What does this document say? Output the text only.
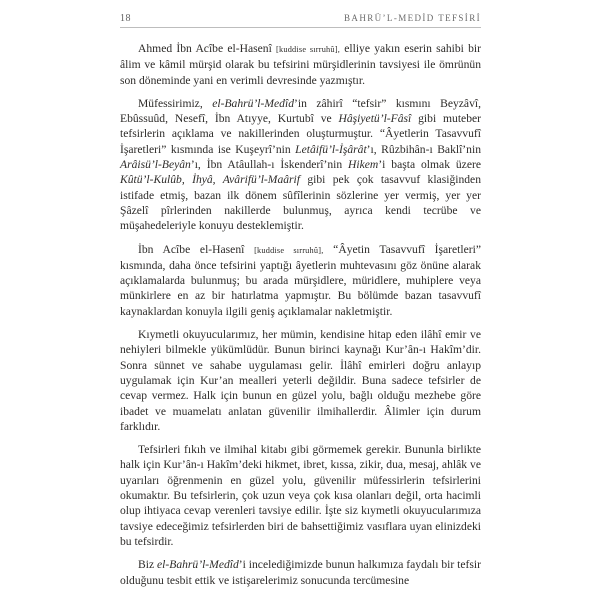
18	BAHRÜ’L-MEDİD TEFSİRİ

Ahmed İbn Acîbe el-Hasenî [kuddise sırruhû], elliye yakın eserin sahibi bir âlim ve kâmil mürşid olarak bu tefsirini mürşidlerinin tavsiyesi ile ömrünün son döneminde yani en verimli devresinde yazmıştır.

Müfessirimiz, el-Bahrü’l-Medîd’in zâhirî “tefsir” kısmını Beyzâvî, Ebûssuûd, Nesefî, İbn Atıyye, Kurtubî ve Hâşiyetü’l-Fâsî gibi muteber tefsirlerin açıklama ve nakillerinden oluşturmuştur. “Âyetlerin Tasavvufî İşaretleri” kısmında ise Kuşeyrî’nin Letâifü’l-İşârât’ı, Rûzbihân-ı Baklî’nin Arâisü’l-Beyân’ı, İbn Atâullah-ı İskenderî’nin Hikem’i başta olmak üzere Kûtü’l-Kulûb, İhyâ, Avârifü’l-Maârif gibi pek çok tasavvuf klasiğinden istifade etmiş, bazan ilk dönem sûfîlerinin sözlerine yer vermiş, yer yer Şâzelî pîrlerinden nakillerde bulunmuş, ayrıca kendi tecrübe ve müşahedeleriyle konuyu desteklemiştir.

İbn Acîbe el-Hasenî [kuddise sırruhû], “Âyetin Tasavvufî İşaretleri” kısmında, daha önce tefsirini yaptığı âyetlerin muhtevasını göz önüne alarak açıklamalarda bulunmuş; bu arada mürşidlere, müridlere, muhiplere veya münkirlere en az bir hatırlatma yapmıştır. Bu bölümde bazan tasavvufî kaynaklardan konuyla ilgili geniş açıklamalar nakletmiştir.

Kıymetli okuyucularımız, her mümin, kendisine hitap eden ilâhî emir ve nehiyleri bilmekle yükümlüdür. Bunun birinci kaynağı Kur’ân-ı Hakîm’dir. Sonra sünnet ve sahabe uygulaması gelir. İlâhî emirleri doğru anlayıp uygulamak için Kur’an mealleri yeterli değildir. Buna sadece tefsirler de cevap vermez. Halk için bunun en güzel yolu, bağlı olduğu mezhebe göre ibadet ve muamelatı anlatan güvenilir ilmihallerdir. Âlimler için durum farklıdır.

Tefsirleri fıkıh ve ilmihal kitabı gibi görmemek gerekir. Bununla birlikte halk için Kur’ân-ı Hakîm’deki hikmet, ibret, kıssa, zikir, dua, mesaj, ahlâk ve uyarıları öğrenmenin en güzel yolu, güvenilir müfessirlerin tefsirlerini okumaktır. Bu tefsirlerin, çok uzun veya çok kısa olanları değil, orta hacimli olup ihtiyaca cevap verenleri tavsiye edilir. İşte siz kıymetli okuyucularımıza tavsiye edeceğimiz tefsirlerden biri de bahsettiğimiz vasıflara uyan elinizdeki bu tefsirdir.

Biz el-Bahrü’l-Medîd’i incelediğimizde bunun halkımıza faydalı bir tefsir olduğunu tesbit ettik ve istişarelerimiz sonucunda tercümesine
